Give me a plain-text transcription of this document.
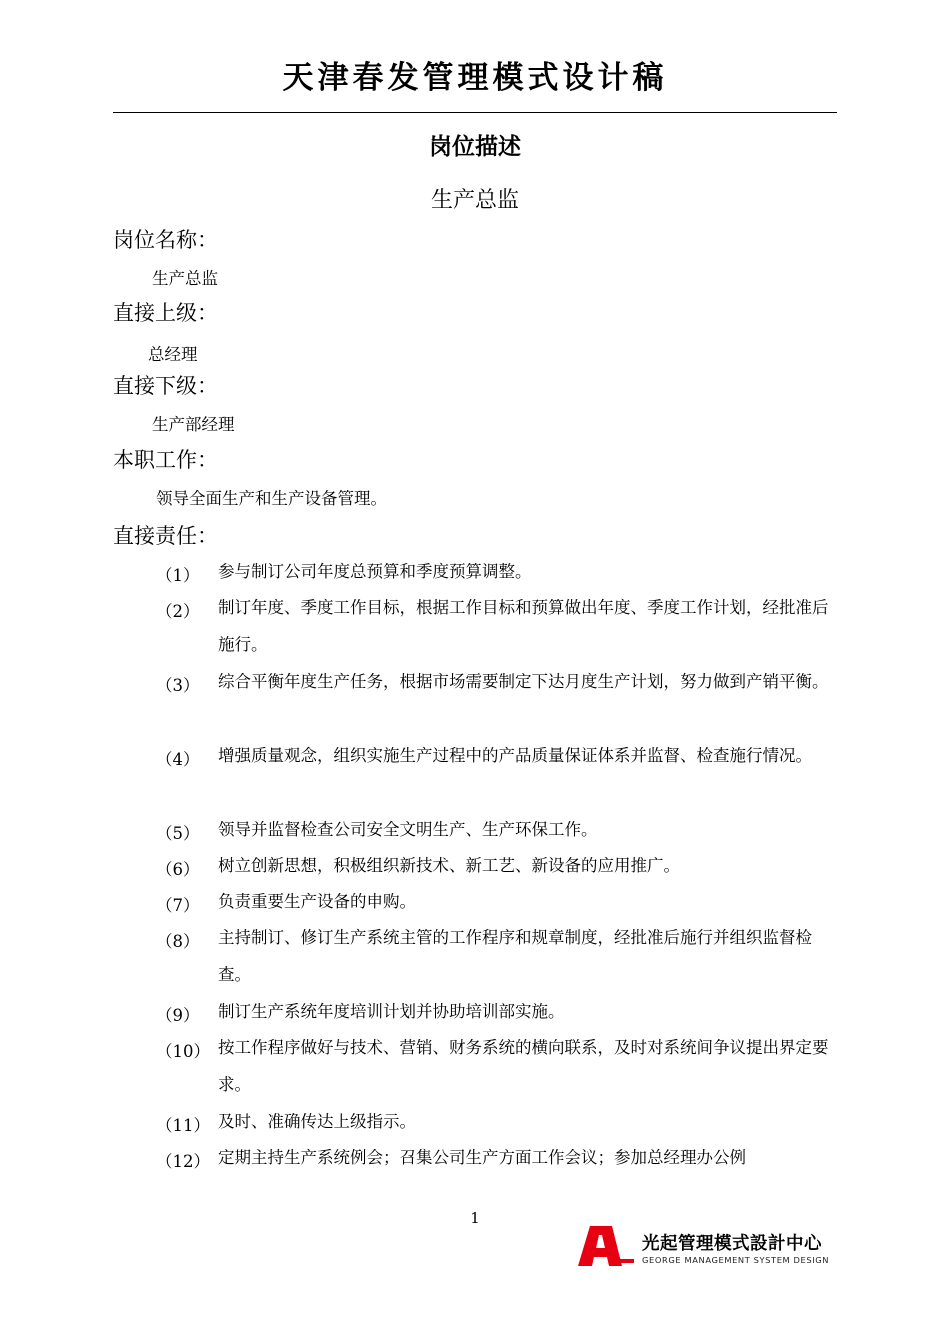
天津春发管理模式设计稿
岗位描述
生产总监
岗位名称：
生产总监
直接上级：
总经理
直接下级：
生产部经理
本职工作：
领导全面生产和生产设备管理。
直接责任：
（1） 参与制订公司年度总预算和季度预算调整。
（2） 制订年度、季度工作目标，根据工作目标和预算做出年度、季度工作计划，经批准后施行。
（3） 综合平衡年度生产任务，根据市场需要制定下达月度生产计划，努力做到产销平衡。
（4） 增强质量观念，组织实施生产过程中的产品质量保证体系并监督、检查施行情况。
（5） 领导并监督检查公司安全文明生产、生产环保工作。
（6） 树立创新思想，积极组织新技术、新工艺、新设备的应用推广。
（7） 负责重要生产设备的申购。
（8） 主持制订、修订生产系统主管的工作程序和规章制度，经批准后施行并组织监督检查。
（9） 制订生产系统年度培训计划并协助培训部实施。
（10） 按工作程序做好与技术、营销、财务系统的横向联系，及时对系统间争议提出界定要求。
（11） 及时、准确传达上级指示。
（12） 定期主持生产系统例会；召集公司生产方面工作会议；参加总经理办公例
1
光起管理模式設計中心
GEORGE MANAGEMENT SYSTEM DESIGN
